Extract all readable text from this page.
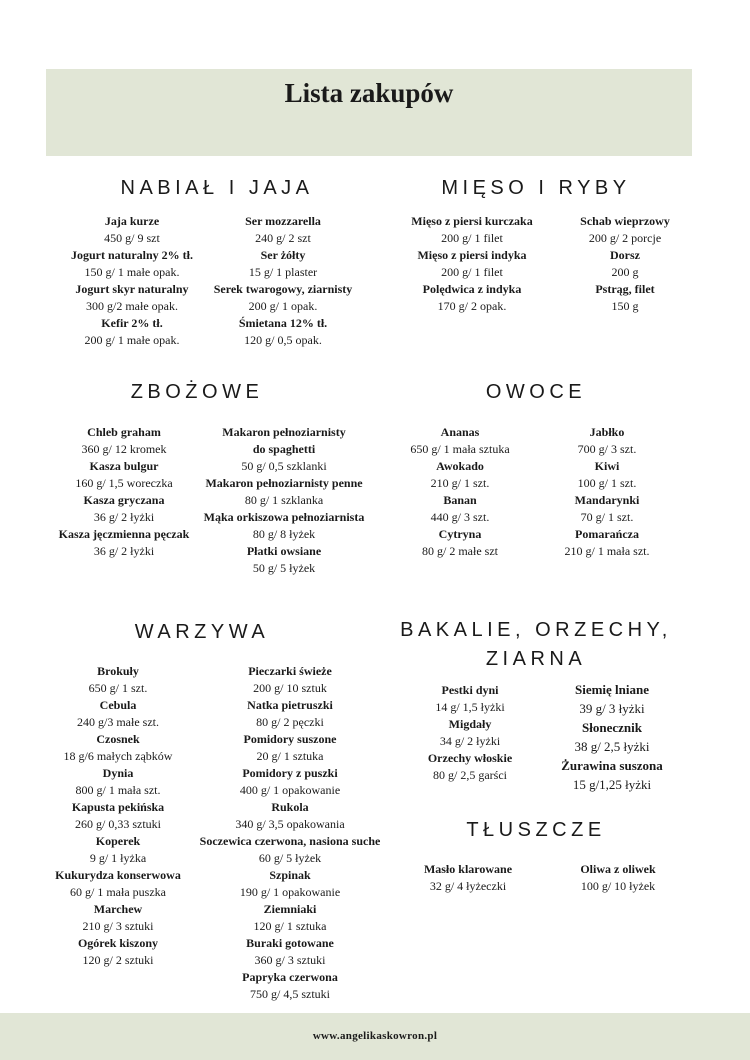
Lista zakupów
NABIAŁ I JAJA
Jaja kurze
450 g/ 9 szt
Jogurt naturalny 2% tł.
150 g/ 1 małe opak.
Jogurt skyr naturalny
300 g/2 małe opak.
Kefir 2% tł.
200 g/ 1 małe opak.
Ser mozzarella
240 g/ 2 szt
Ser żółty
15 g/ 1 plaster
Serek twarogowy, ziarnisty
200 g/ 1 opak.
Śmietana 12% tł.
120 g/ 0,5 opak.
MIĘSO I RYBY
Mięso z piersi kurczaka
200 g/ 1 filet
Mięso z piersi indyka
200 g/ 1 filet
Polędwica z indyka
170 g/ 2 opak.
Schab wieprzowy
200 g/ 2 porcje
Dorsz
200 g
Pstrąg, filet
150 g
ZBOŻOWE
Chleb graham
360 g/ 12 kromek
Kasza bulgur
160 g/ 1,5 woreczka
Kasza gryczana
36 g/ 2 łyżki
Kasza jęczmienna pęczak
36 g/ 2 łyżki
Makaron pełnoziarnisty
do spaghetti
50 g/ 0,5 szklanki
Makaron pełnoziarnisty penne
80 g/ 1 szklanka
Mąka orkiszowa pełnoziarnista
80 g/ 8 łyżek
Płatki owsiane
50 g/ 5 łyżek
OWOCE
Ananas
650 g/ 1 mała sztuka
Awokado
210 g/ 1 szt.
Banan
440 g/ 3 szt.
Cytryna
80 g/ 2 małe szt
Jabłko
700 g/ 3 szt.
Kiwi
100 g/ 1 szt.
Mandarynki
70 g/ 1 szt.
Pomarańcza
210 g/ 1 mała szt.
WARZYWA
Brokuły
650 g/ 1 szt.
Cebula
240 g/3 małe szt.
Czosnek
18 g/6 małych ząbków
Dynia
800 g/ 1 mała szt.
Kapusta pekińska
260 g/ 0,33 sztuki
Koperek
9 g/ 1 łyżka
Kukurydza konserwowa
60 g/ 1 mała puszka
Marchew
210 g/ 3 sztuki
Ogórek kiszony
120 g/ 2 sztuki
Pieczarki świeże
200 g/ 10 sztuk
Natka pietruszki
80 g/ 2 pęczki
Pomidory suszone
20 g/ 1 sztuka
Pomidory z puszki
400 g/ 1 opakowanie
Rukola
340 g/ 3,5 opakowania
Soczewica czerwona, nasiona suche
60 g/ 5 łyżek
Szpinak
190 g/ 1 opakowanie
Ziemniaki
120 g/ 1 sztuka
Buraki gotowane
360 g/ 3 sztuki
Papryka czerwona
750 g/ 4,5 sztuki
BAKALIE, ORZECHY,
ZIARNA
Pestki dyni
14 g/ 1,5 łyżki
Migdały
34 g/ 2 łyżki
Orzechy włoskie
80 g/ 2,5 garści
Siemię lniane
39 g/ 3 łyżki
Słonecznik
38 g/ 2,5 łyżki
Żurawina suszona
15 g/1,25 łyżki
TŁUSZCZE
Masło klarowane
32 g/ 4 łyżeczki
Oliwa z oliwek
100 g/ 10 łyżek
www.angelikaskowron.pl
